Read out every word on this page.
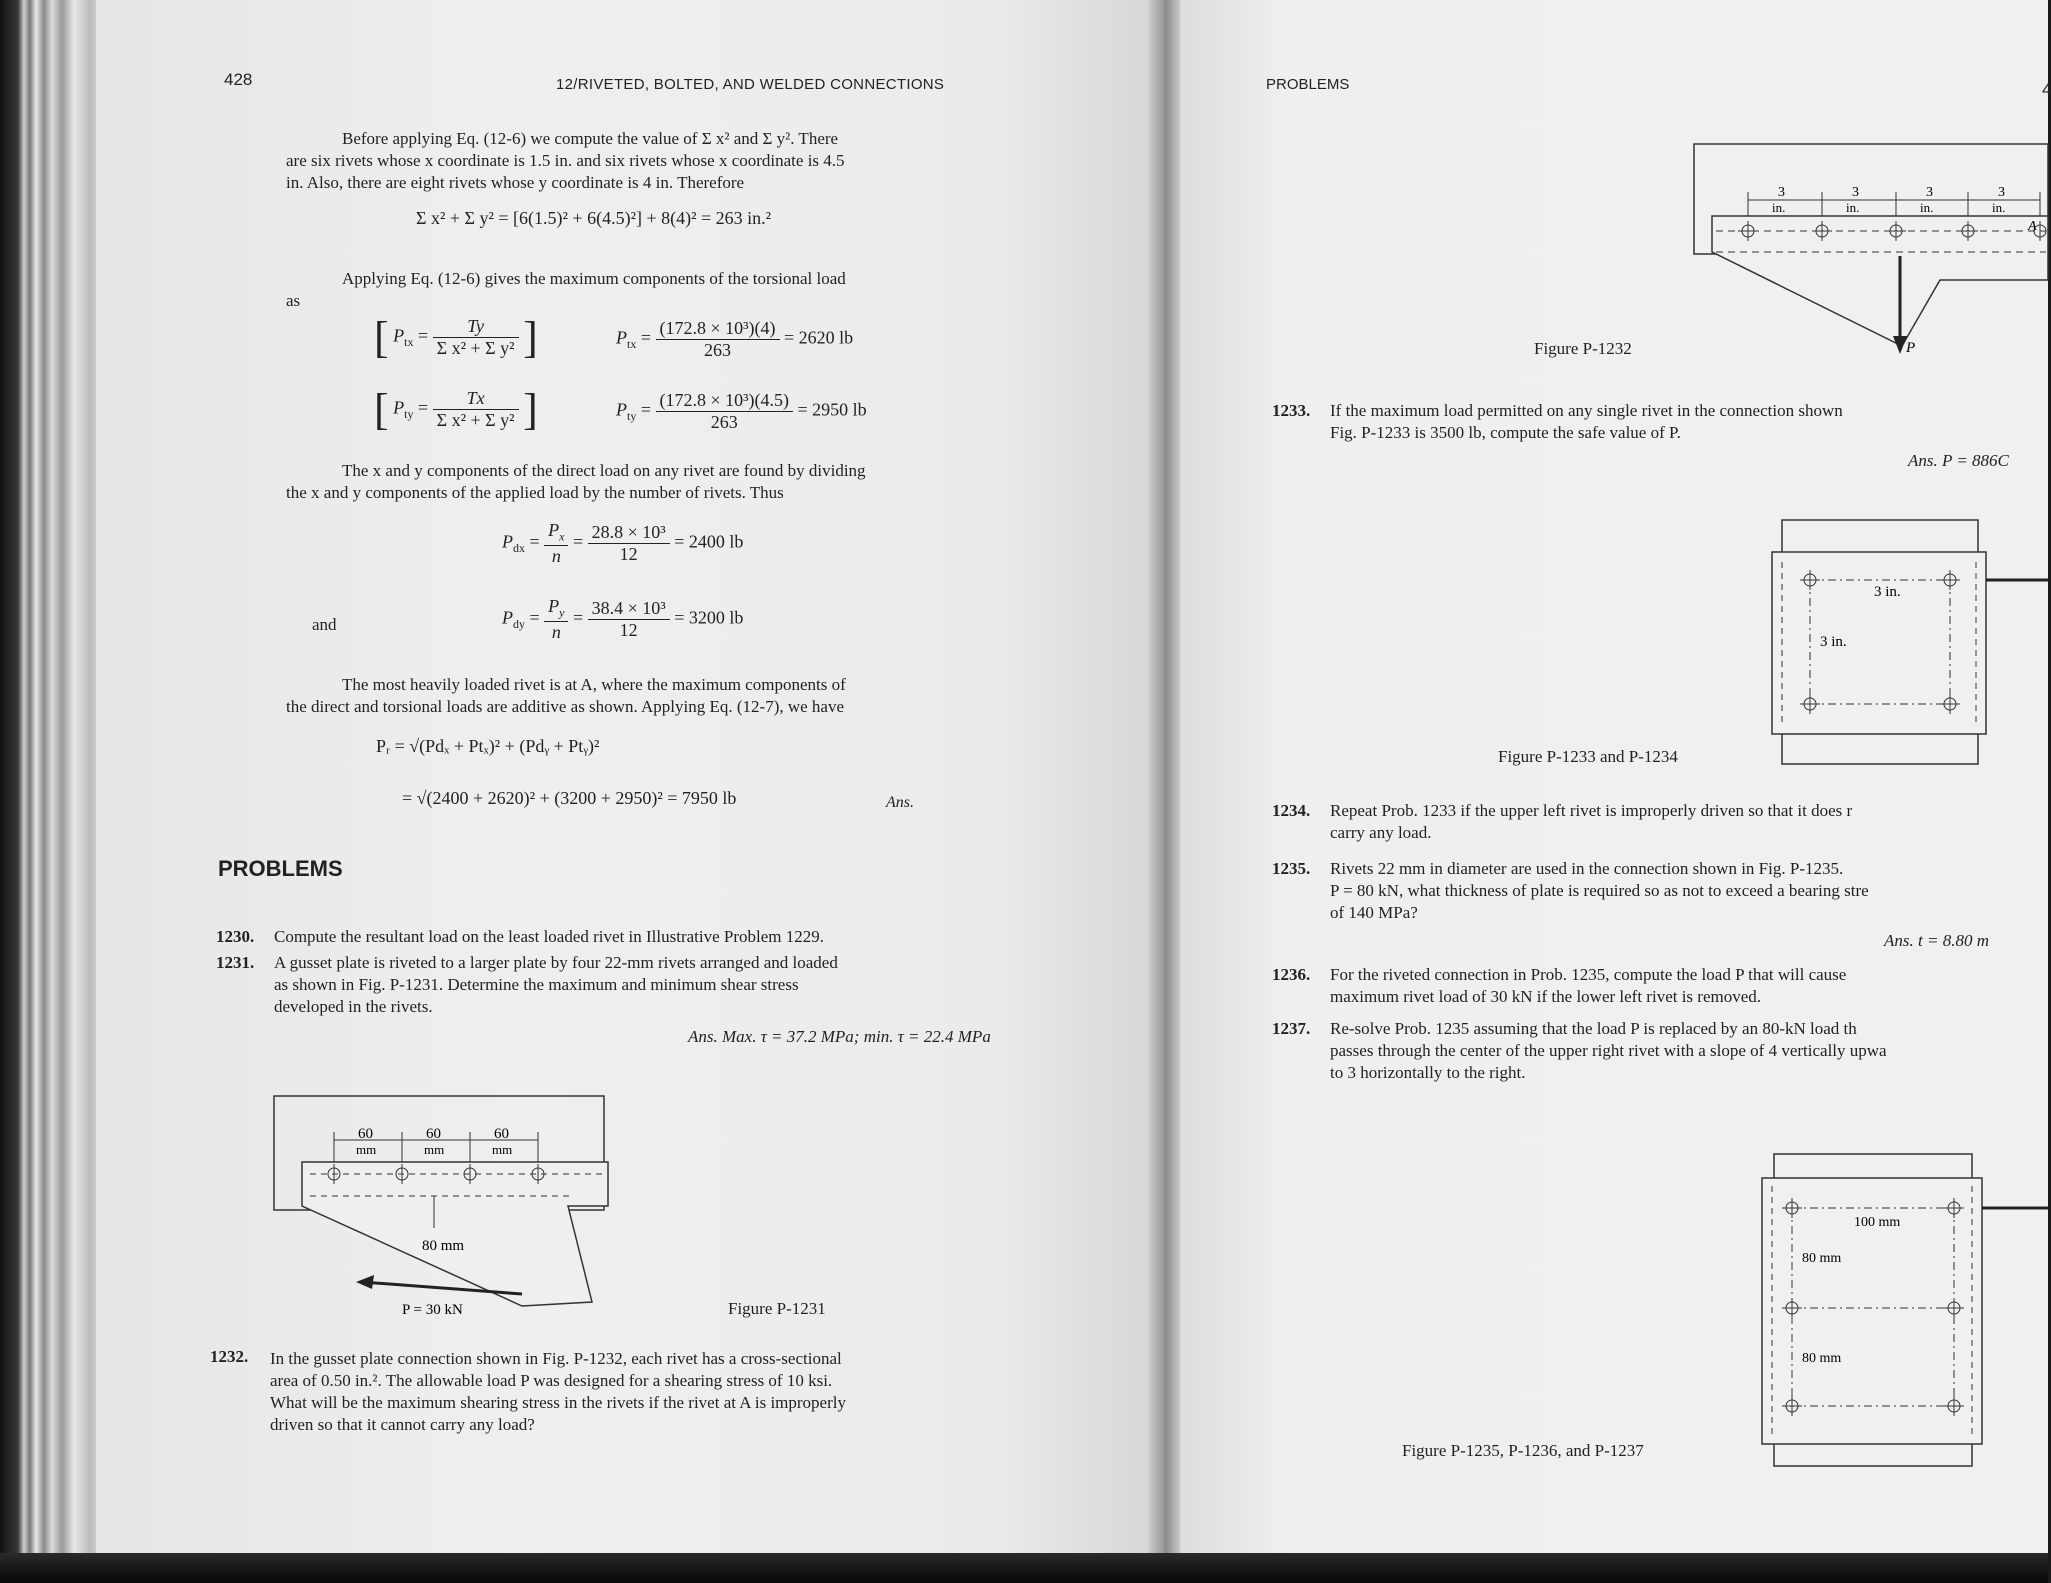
428	12/RIVETED, BOLTED, AND WELDED CONNECTIONS
Before applying Eq. (12-6) we compute the value of Σ x² and Σ y². There
are six rivets whose x coordinate is 1.5 in. and six rivets whose x coordinate is 4.5
in. Also, there are eight rivets whose y coordinate is 4 in. Therefore
Σ x² + Σ y² = [6(1.5)² + 6(4.5)²] + 8(4)² = 263 in.²
Applying Eq. (12-6) gives the maximum components of the torsional load
as
[ $P_{tx} = \frac{Ty}{\text{Σ x² + Σ y²}}$ ]	$P_{tx} = \frac{\text{(172.8 × 10³)(4)}}{263} = 2620$ lb
[ $P_{ty} = \frac{Tx}{\text{Σ x² + Σ y²}}$ ]	$P_{ty} = \frac{\text{(172.8 × 10³)(4.5)}}{263} = 2950$ lb
The x and y components of the direct load on any rivet are found by dividing
the x and y components of the applied load by the number of rivets. Thus
$P_{dx} = \frac{P_x}{n} = \frac{\text{28.8 × 10³}}{12} = 2400$ lb
and	$P_{dy} = \frac{P_y}{n} = \frac{\text{38.4 × 10³}}{12} = 3200$ lb
The most heavily loaded rivet is at A, where the maximum components of
the direct and torsional loads are additive as shown. Applying Eq. (12-7), we have
Pᵣ = √(Pdₓ + Ptₓ)² + (Pdᵧ + Ptᵧ)²
= √(2400 + 2620)² + (3200 + 2950)² = 7950 lb	Ans.
PROBLEMS
1230. Compute the resultant load on the least loaded rivet in Illustrative Problem 1229.
1231. A gusset plate is riveted to a larger plate by four 22-mm rivets arranged and loaded
as shown in Fig. P-1231. Determine the maximum and minimum shear stress
developed in the rivets.
Ans. Max. τ = 37.2 MPa; min. τ = 22.4 MPa
60	60	60
mm	mm	mm
80 mm
P = 30 kN	Figure P-1231
1232. In the gusset plate connection shown in Fig. P-1232, each rivet has a cross-sectional
area of 0.50 in.². The allowable load P was designed for a shearing stress of 10 ksi.
What will be the maximum shearing stress in the rivets if the rivet at A is improperly
driven so that it cannot carry any load?
PROBLEMS	4
3	3	3	3
in.	in.	in.	in.
A
P
Figure P-1232
1233. If the maximum load permitted on any single rivet in the connection shown
Fig. P-1233 is 3500 lb, compute the safe value of P.
Ans. P = 886C
3 in.
3 in.
Figure P-1233 and P-1234
1234. Repeat Prob. 1233 if the upper left rivet is improperly driven so that it does r
carry any load.
1235. Rivets 22 mm in diameter are used in the connection shown in Fig. P-1235.
P = 80 kN, what thickness of plate is required so as not to exceed a bearing stre
of 140 MPa?
Ans. t = 8.80 m
1236. For the riveted connection in Prob. 1235, compute the load P that will cause
maximum rivet load of 30 kN if the lower left rivet is removed.
1237. Re-solve Prob. 1235 assuming that the load P is replaced by an 80-kN load th
passes through the center of the upper right rivet with a slope of 4 vertically upwa
to 3 horizontally to the right.
100 mm
80 mm
80 mm
Figure P-1235, P-1236, and P-1237
